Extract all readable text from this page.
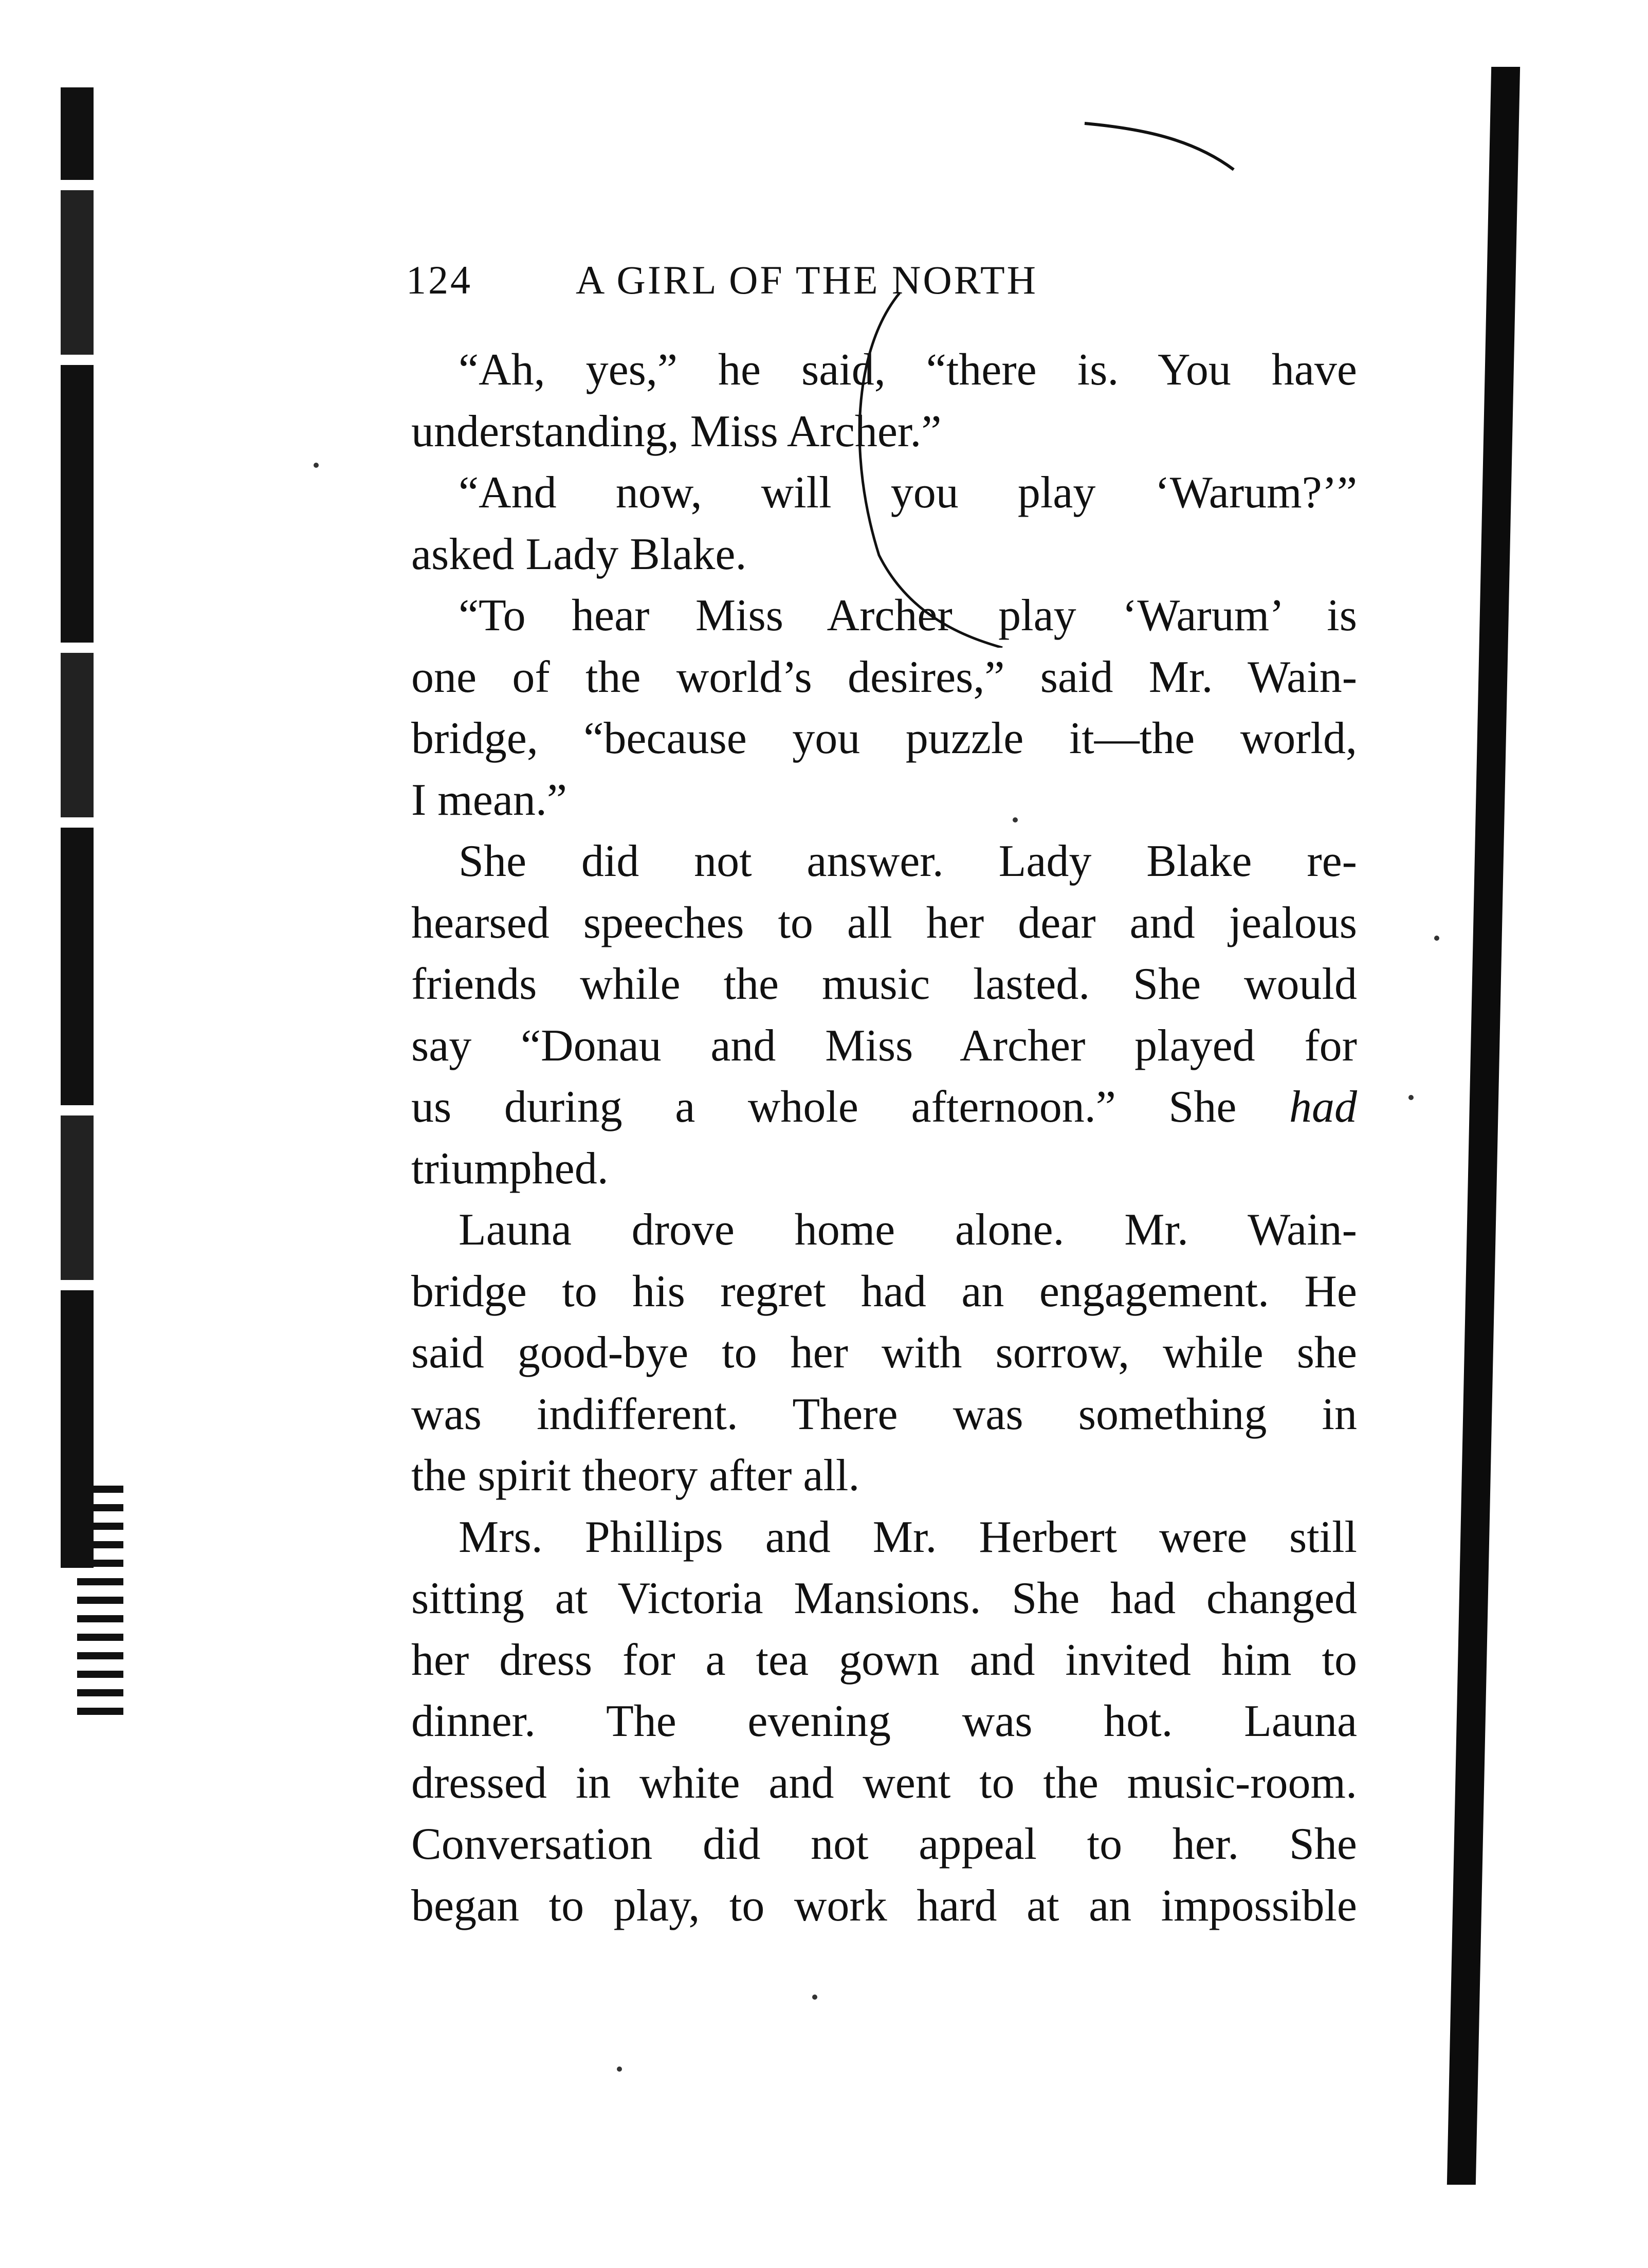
124	A GIRL OF THE NORTH
“Ah, yes,” he said, “there is. You have
understanding, Miss Archer.”
“And now, will you play ‘Warum?’”
asked Lady Blake.
“To hear Miss Archer play ‘Warum’ is
one of the world’s desires,” said Mr. Wain-
bridge, “because you puzzle it—the world,
I mean.”
She did not answer. Lady Blake re-
hearsed speeches to all her dear and jealous
friends while the music lasted. She would
say “Donau and Miss Archer played for
us during a whole afternoon.” She had
triumphed.
Launa drove home alone. Mr. Wain-
bridge to his regret had an engagement. He
said good-bye to her with sorrow, while she
was indifferent. There was something in
the spirit theory after all.
Mrs. Phillips and Mr. Herbert were still
sitting at Victoria Mansions. She had changed
her dress for a tea gown and invited him to
dinner. The evening was hot. Launa
dressed in white and went to the music-room.
Conversation did not appeal to her. She
began to play, to work hard at an impossible
